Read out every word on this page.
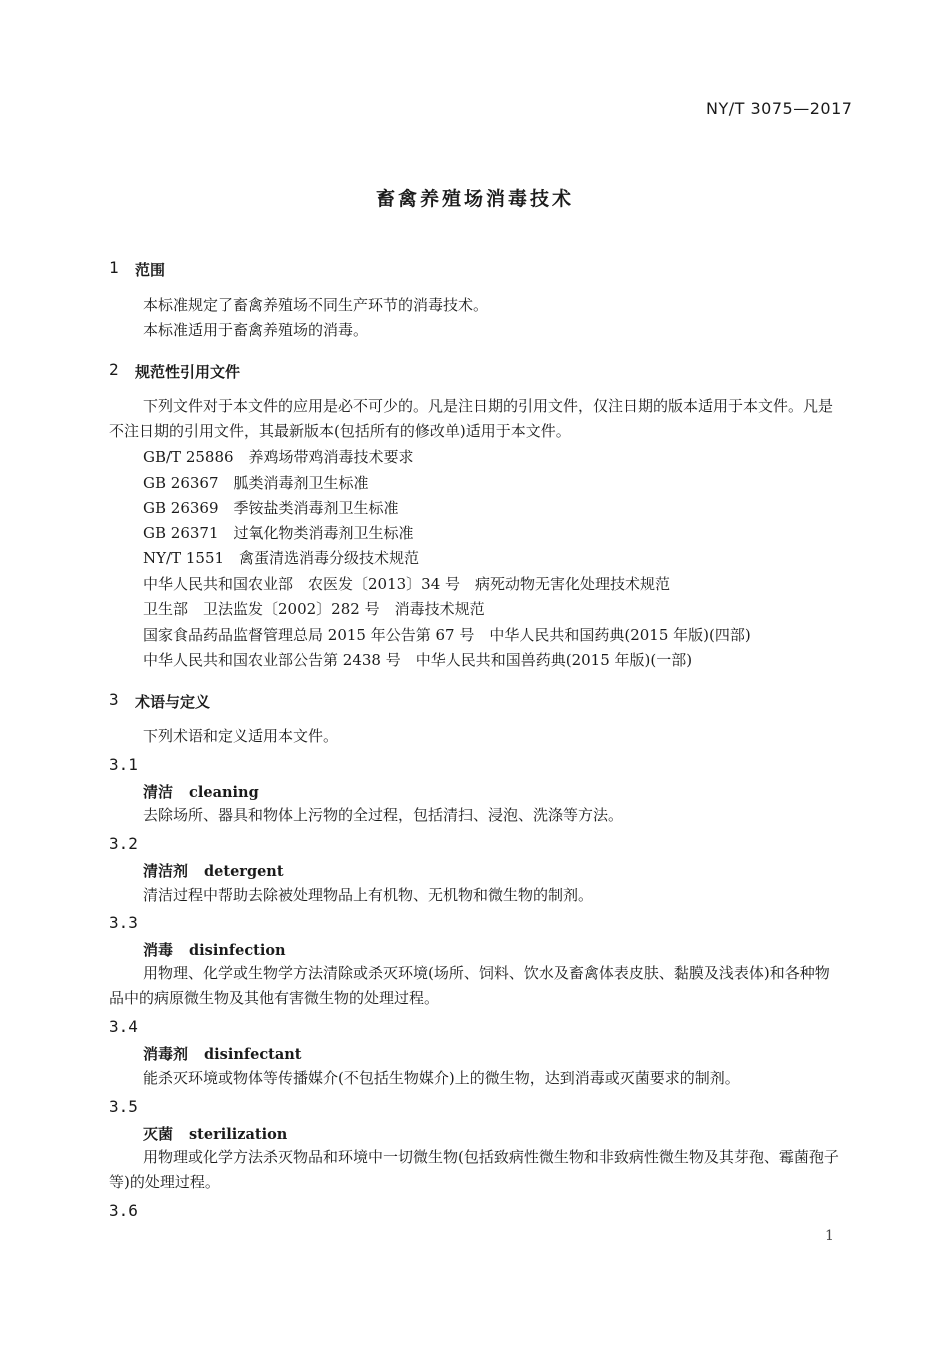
NY/T 3075—2017
畜禽养殖场消毒技术
1 范围
本标准规定了畜禽养殖场不同生产环节的消毒技术。
本标准适用于畜禽养殖场的消毒。
2 规范性引用文件
下列文件对于本文件的应用是必不可少的。凡是注日期的引用文件，仅注日期的版本适用于本文件。凡是不注日期的引用文件，其最新版本(包括所有的修改单)适用于本文件。
GB/T 25886　养鸡场带鸡消毒技术要求
GB 26367　胍类消毒剂卫生标准
GB 26369　季铵盐类消毒剂卫生标准
GB 26371　过氧化物类消毒剂卫生标准
NY/T 1551　禽蛋清选消毒分级技术规范
中华人民共和国农业部　农医发〔2013〕34 号　病死动物无害化处理技术规范
卫生部　卫法监发〔2002〕282 号　消毒技术规范
国家食品药品监督管理总局 2015 年公告第 67 号　中华人民共和国药典(2015 年版)(四部)
中华人民共和国农业部公告第 2438 号　中华人民共和国兽药典(2015 年版)(一部)
3 术语与定义
下列术语和定义适用本文件。
3.1
清洁 cleaning
去除场所、器具和物体上污物的全过程，包括清扫、浸泡、洗涤等方法。
3.2
清洁剂 detergent
清洁过程中帮助去除被处理物品上有机物、无机物和微生物的制剂。
3.3
消毒 disinfection
用物理、化学或生物学方法清除或杀灭环境(场所、饲料、饮水及畜禽体表皮肤、黏膜及浅表体)和各种物品中的病原微生物及其他有害微生物的处理过程。
3.4
消毒剂 disinfectant
能杀灭环境或物体等传播媒介(不包括生物媒介)上的微生物，达到消毒或灭菌要求的制剂。
3.5
灭菌 sterilization
用物理或化学方法杀灭物品和环境中一切微生物(包括致病性微生物和非致病性微生物及其芽孢、霉菌孢子等)的处理过程。
3.6
1
